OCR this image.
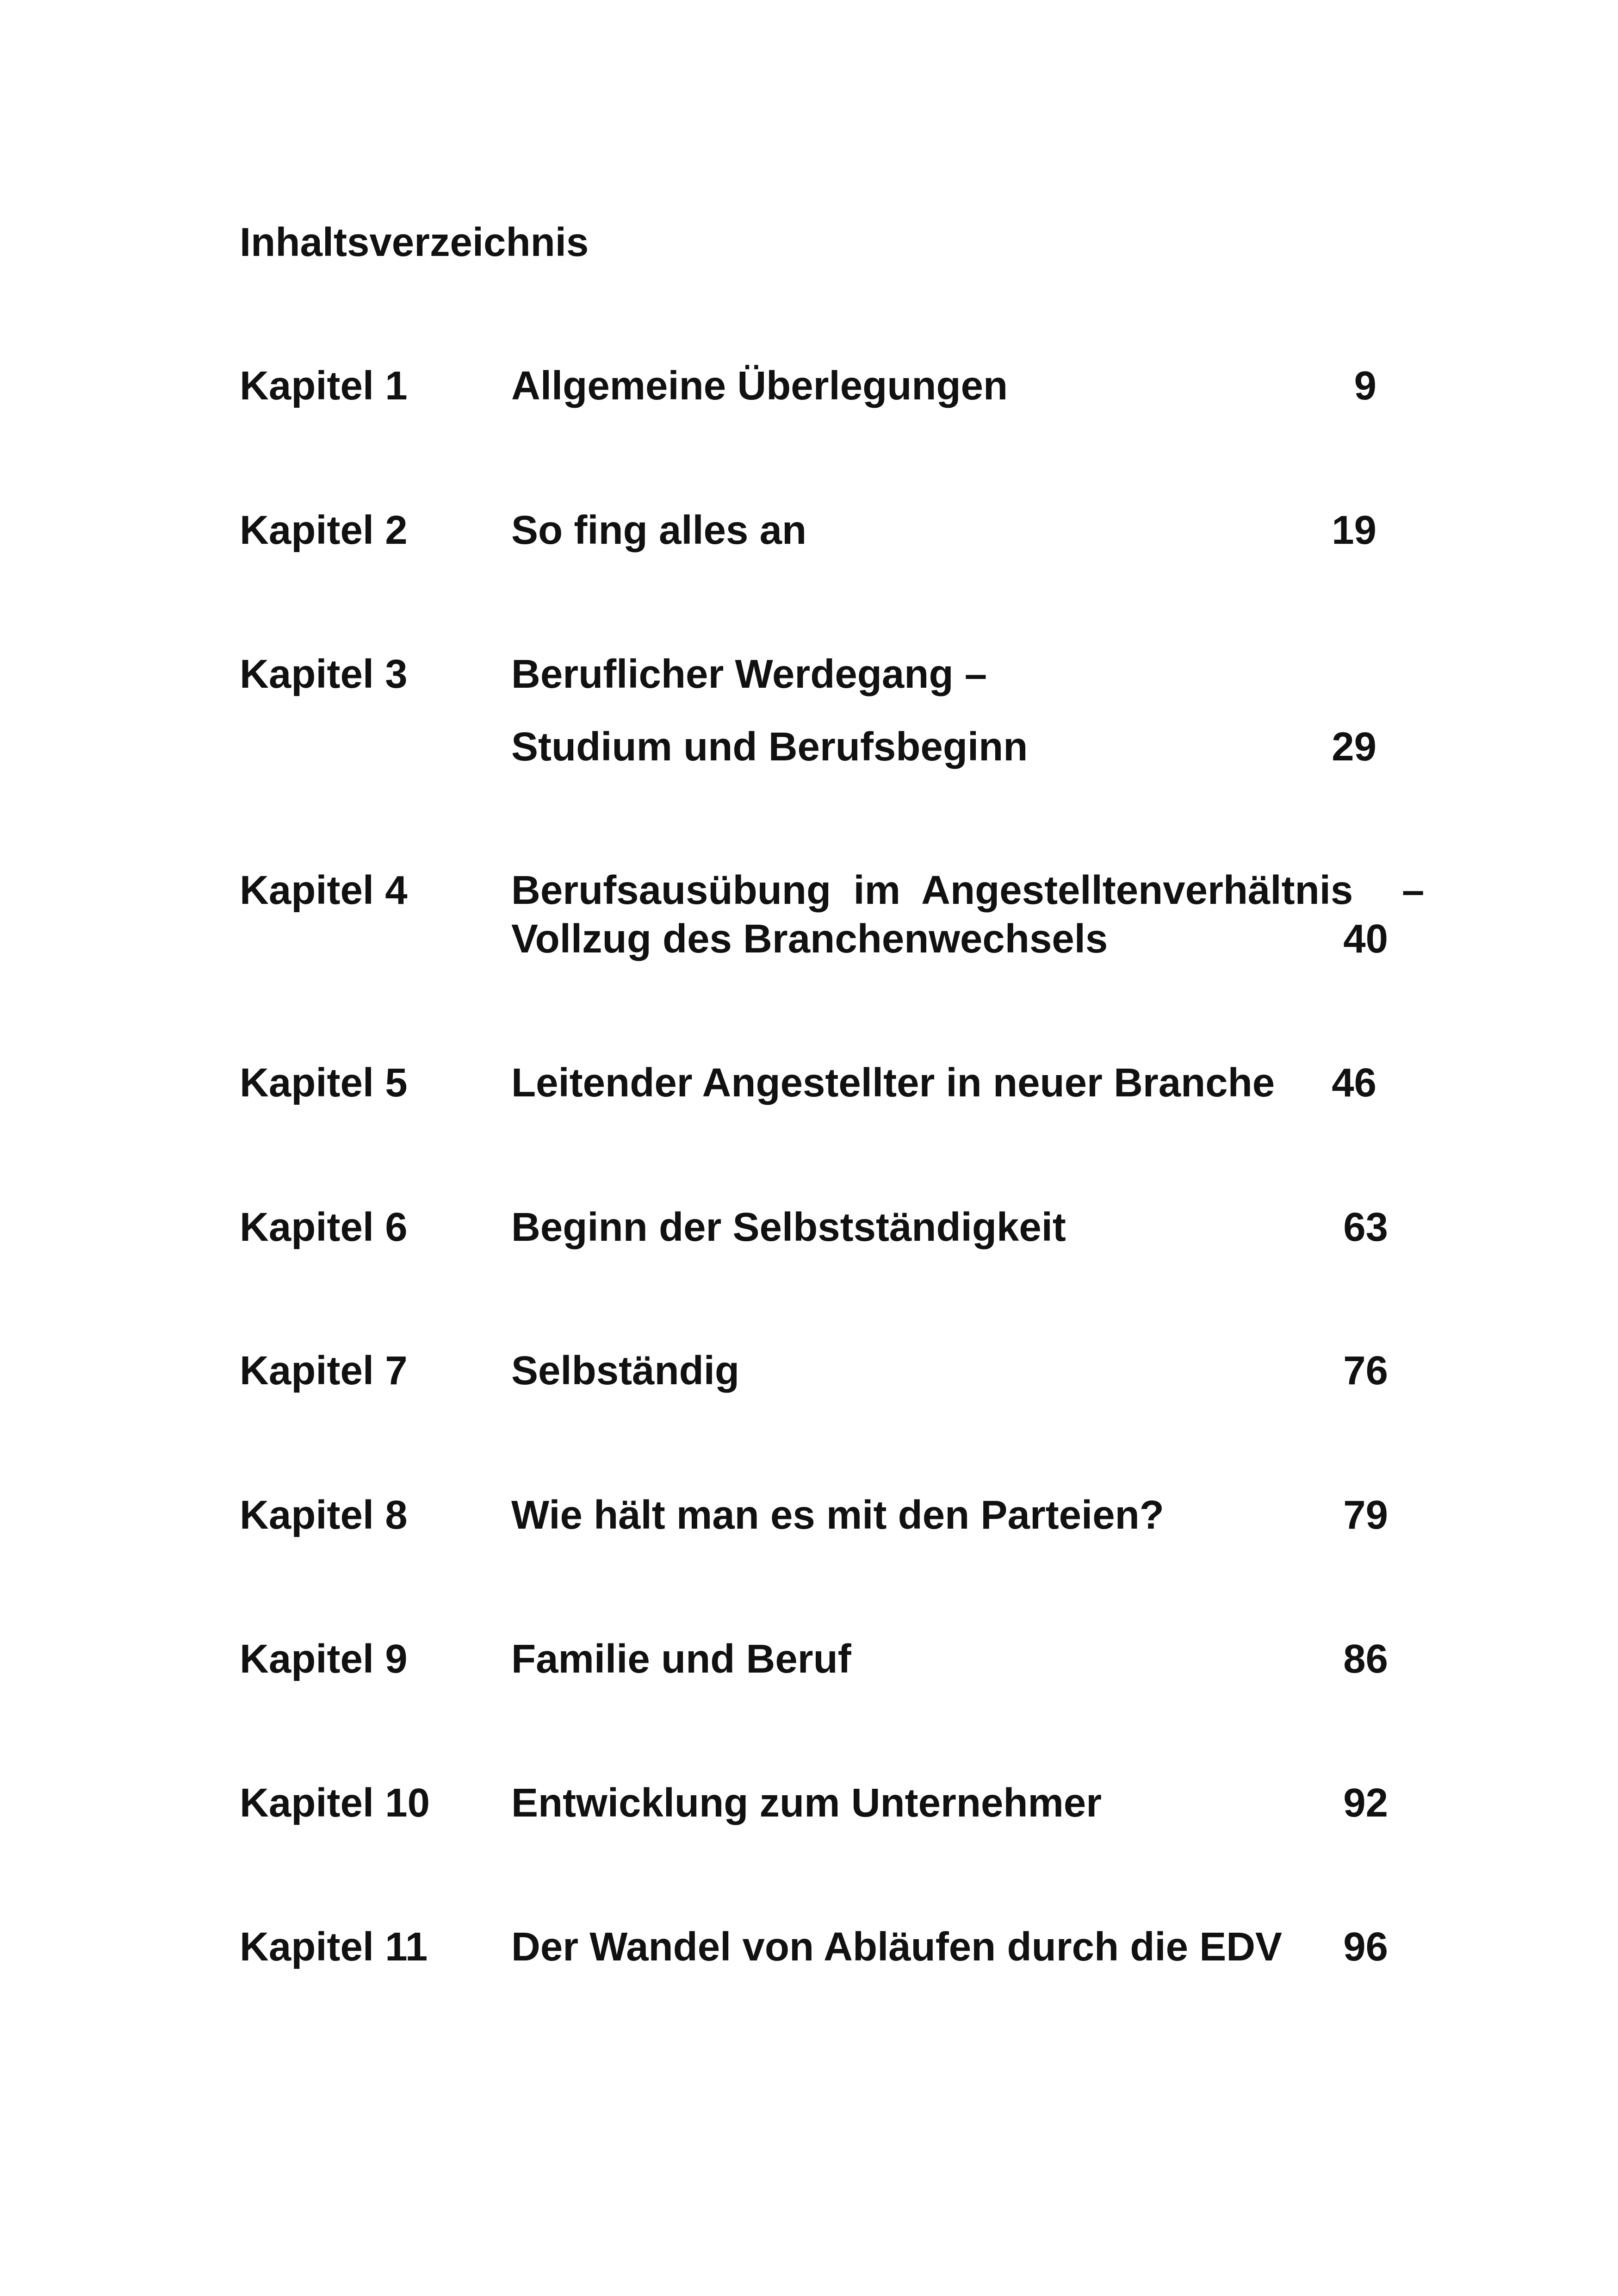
Inhaltsverzeichnis
Kapitel 1	Allgemeine Überlegungen	9
Kapitel 2	So fing alles an	19
Kapitel 3	Beruflicher Werdegang –
Studium und Berufsbeginn	29
Kapitel 4	Berufsausübung  im  Angestelltenverhältnis –
Vollzug des Branchenwechsels	40
Kapitel 5	Leitender Angestellter in neuer Branche 46
Kapitel 6	Beginn der Selbstständigkeit	63
Kapitel 7	Selbständig	76
Kapitel 8	Wie hält man es mit den Parteien?	79
Kapitel 9	Familie und Beruf	86
Kapitel 10 Entwicklung zum Unternehmer	92
Kapitel 11 Der Wandel von Abläufen durch die EDV 96
